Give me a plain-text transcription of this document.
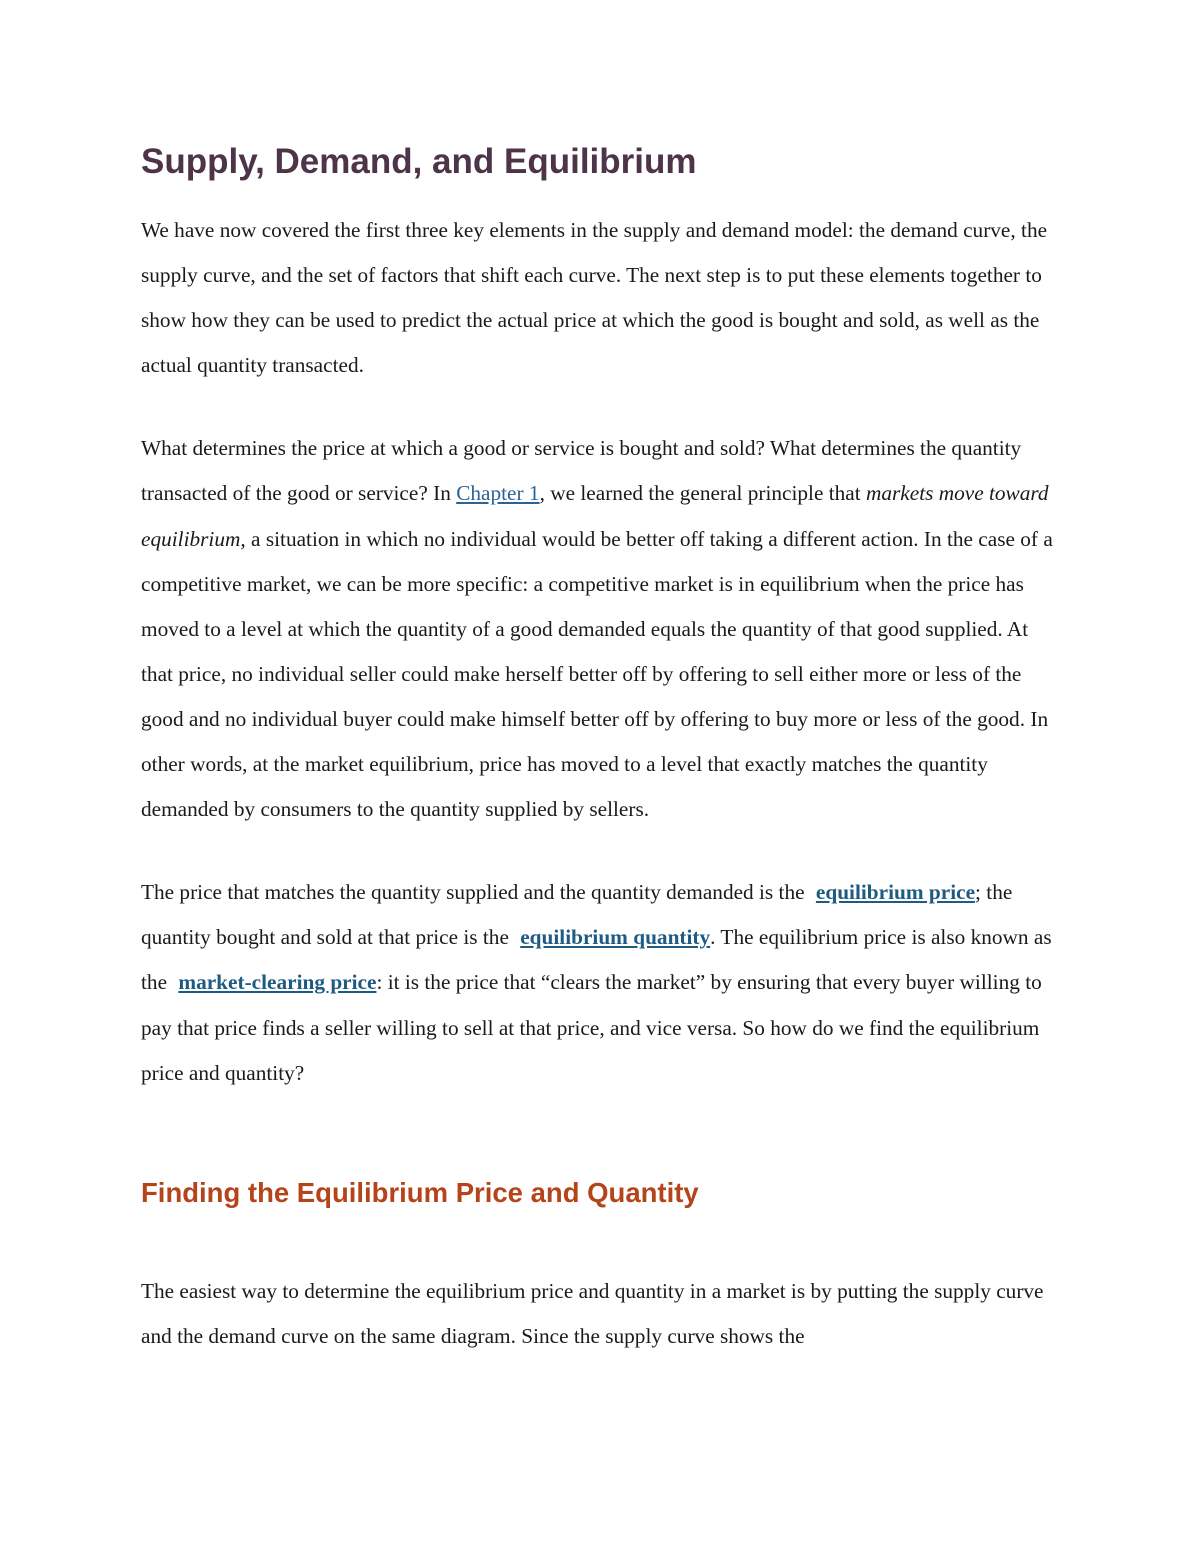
Supply, Demand, and Equilibrium

We have now covered the first three key elements in the supply and demand model: the demand curve, the supply curve, and the set of factors that shift each curve. The next step is to put these elements together to show how they can be used to predict the actual price at which the good is bought and sold, as well as the actual quantity transacted.

What determines the price at which a good or service is bought and sold? What determines the quantity transacted of the good or service? In Chapter 1, we learned the general principle that markets move toward equilibrium, a situation in which no individual would be better off taking a different action. In the case of a competitive market, we can be more specific: a competitive market is in equilibrium when the price has moved to a level at which the quantity of a good demanded equals the quantity of that good supplied. At that price, no individual seller could make herself better off by offering to sell either more or less of the good and no individual buyer could make himself better off by offering to buy more or less of the good. In other words, at the market equilibrium, price has moved to a level that exactly matches the quantity demanded by consumers to the quantity supplied by sellers.

The price that matches the quantity supplied and the quantity demanded is the equilibrium price; the quantity bought and sold at that price is the equilibrium quantity. The equilibrium price is also known as the market-clearing price: it is the price that “clears the market” by ensuring that every buyer willing to pay that price finds a seller willing to sell at that price, and vice versa. So how do we find the equilibrium price and quantity?

Finding the Equilibrium Price and Quantity

The easiest way to determine the equilibrium price and quantity in a market is by putting the supply curve and the demand curve on the same diagram. Since the supply curve shows the
